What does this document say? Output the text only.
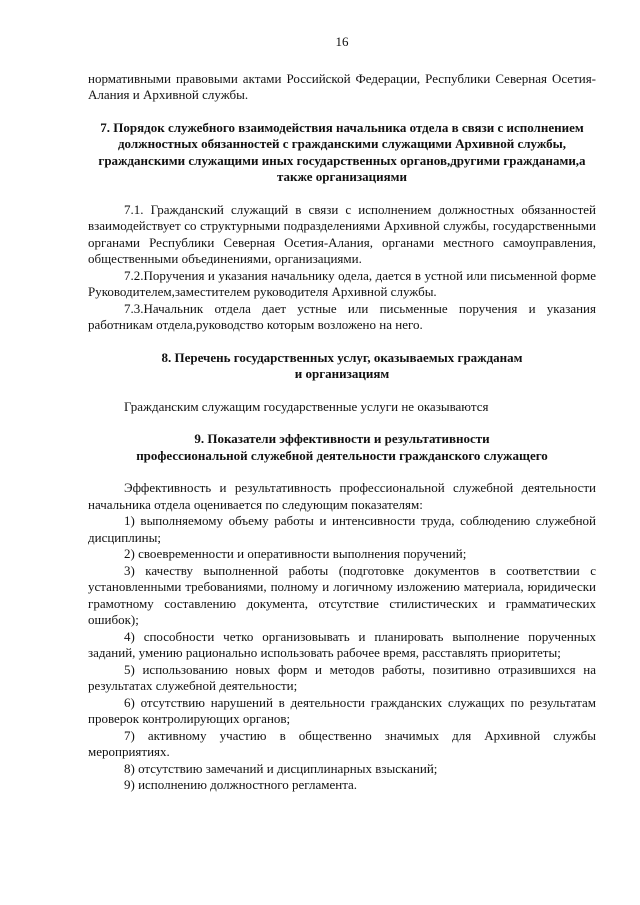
16

нормативными правовыми актами Российской Федерации, Республики Северная Осетия-Алания и Архивной службы.

7. Порядок служебного взаимодействия начальника отдела в связи с исполнением должностных обязанностей с гражданскими служащими Архивной службы, гражданскими служащими иных государственных органов,другими гражданами,а также организациями

7.1. Гражданский служащий в связи с исполнением должностных обязанностей взаимодействует со структурными подразделениями Архивной службы, государственными органами Республики Северная Осетия-Алания, органами местного самоуправления, общественными объединениями, организациями.

7.2.Поручения и указания начальнику одела, дается в устной или письменной форме Руководителем,заместителем руководителя Архивной службы.

7.3.Начальник отдела дает устные или письменные поручения и указания работникам отдела,руководство которым возложено на него.

8. Перечень государственных услуг, оказываемых гражданам

и организациям

Гражданским служащим государственные услуги не оказываются

9. Показатели эффективности и результативности

профессиональной служебной деятельности гражданского служащего

Эффективность и результативность профессиональной служебной деятельности начальника отдела оценивается по следующим показателям:

1) выполняемому объему работы и интенсивности труда, соблюдению служебной дисциплины;

2) своевременности и оперативности выполнения поручений;

3) качеству выполненной работы (подготовке документов в соответствии с установленными требованиями, полному и логичному изложению материала, юридически грамотному составлению документа, отсутствие стилистических и грамматических ошибок);

4) способности четко организовывать и планировать выполнение порученных заданий, умению рационально использовать рабочее время, расставлять приоритеты;

5) использованию новых форм и методов работы, позитивно отразившихся на результатах служебной деятельности;

6) отсутствию нарушений в деятельности гражданских служащих по результатам проверок контролирующих органов;

7) активному участию в общественно значимых для Архивной службы мероприятиях.

8) отсутствию замечаний и дисциплинарных взысканий;

9) исполнению должностного регламента.
